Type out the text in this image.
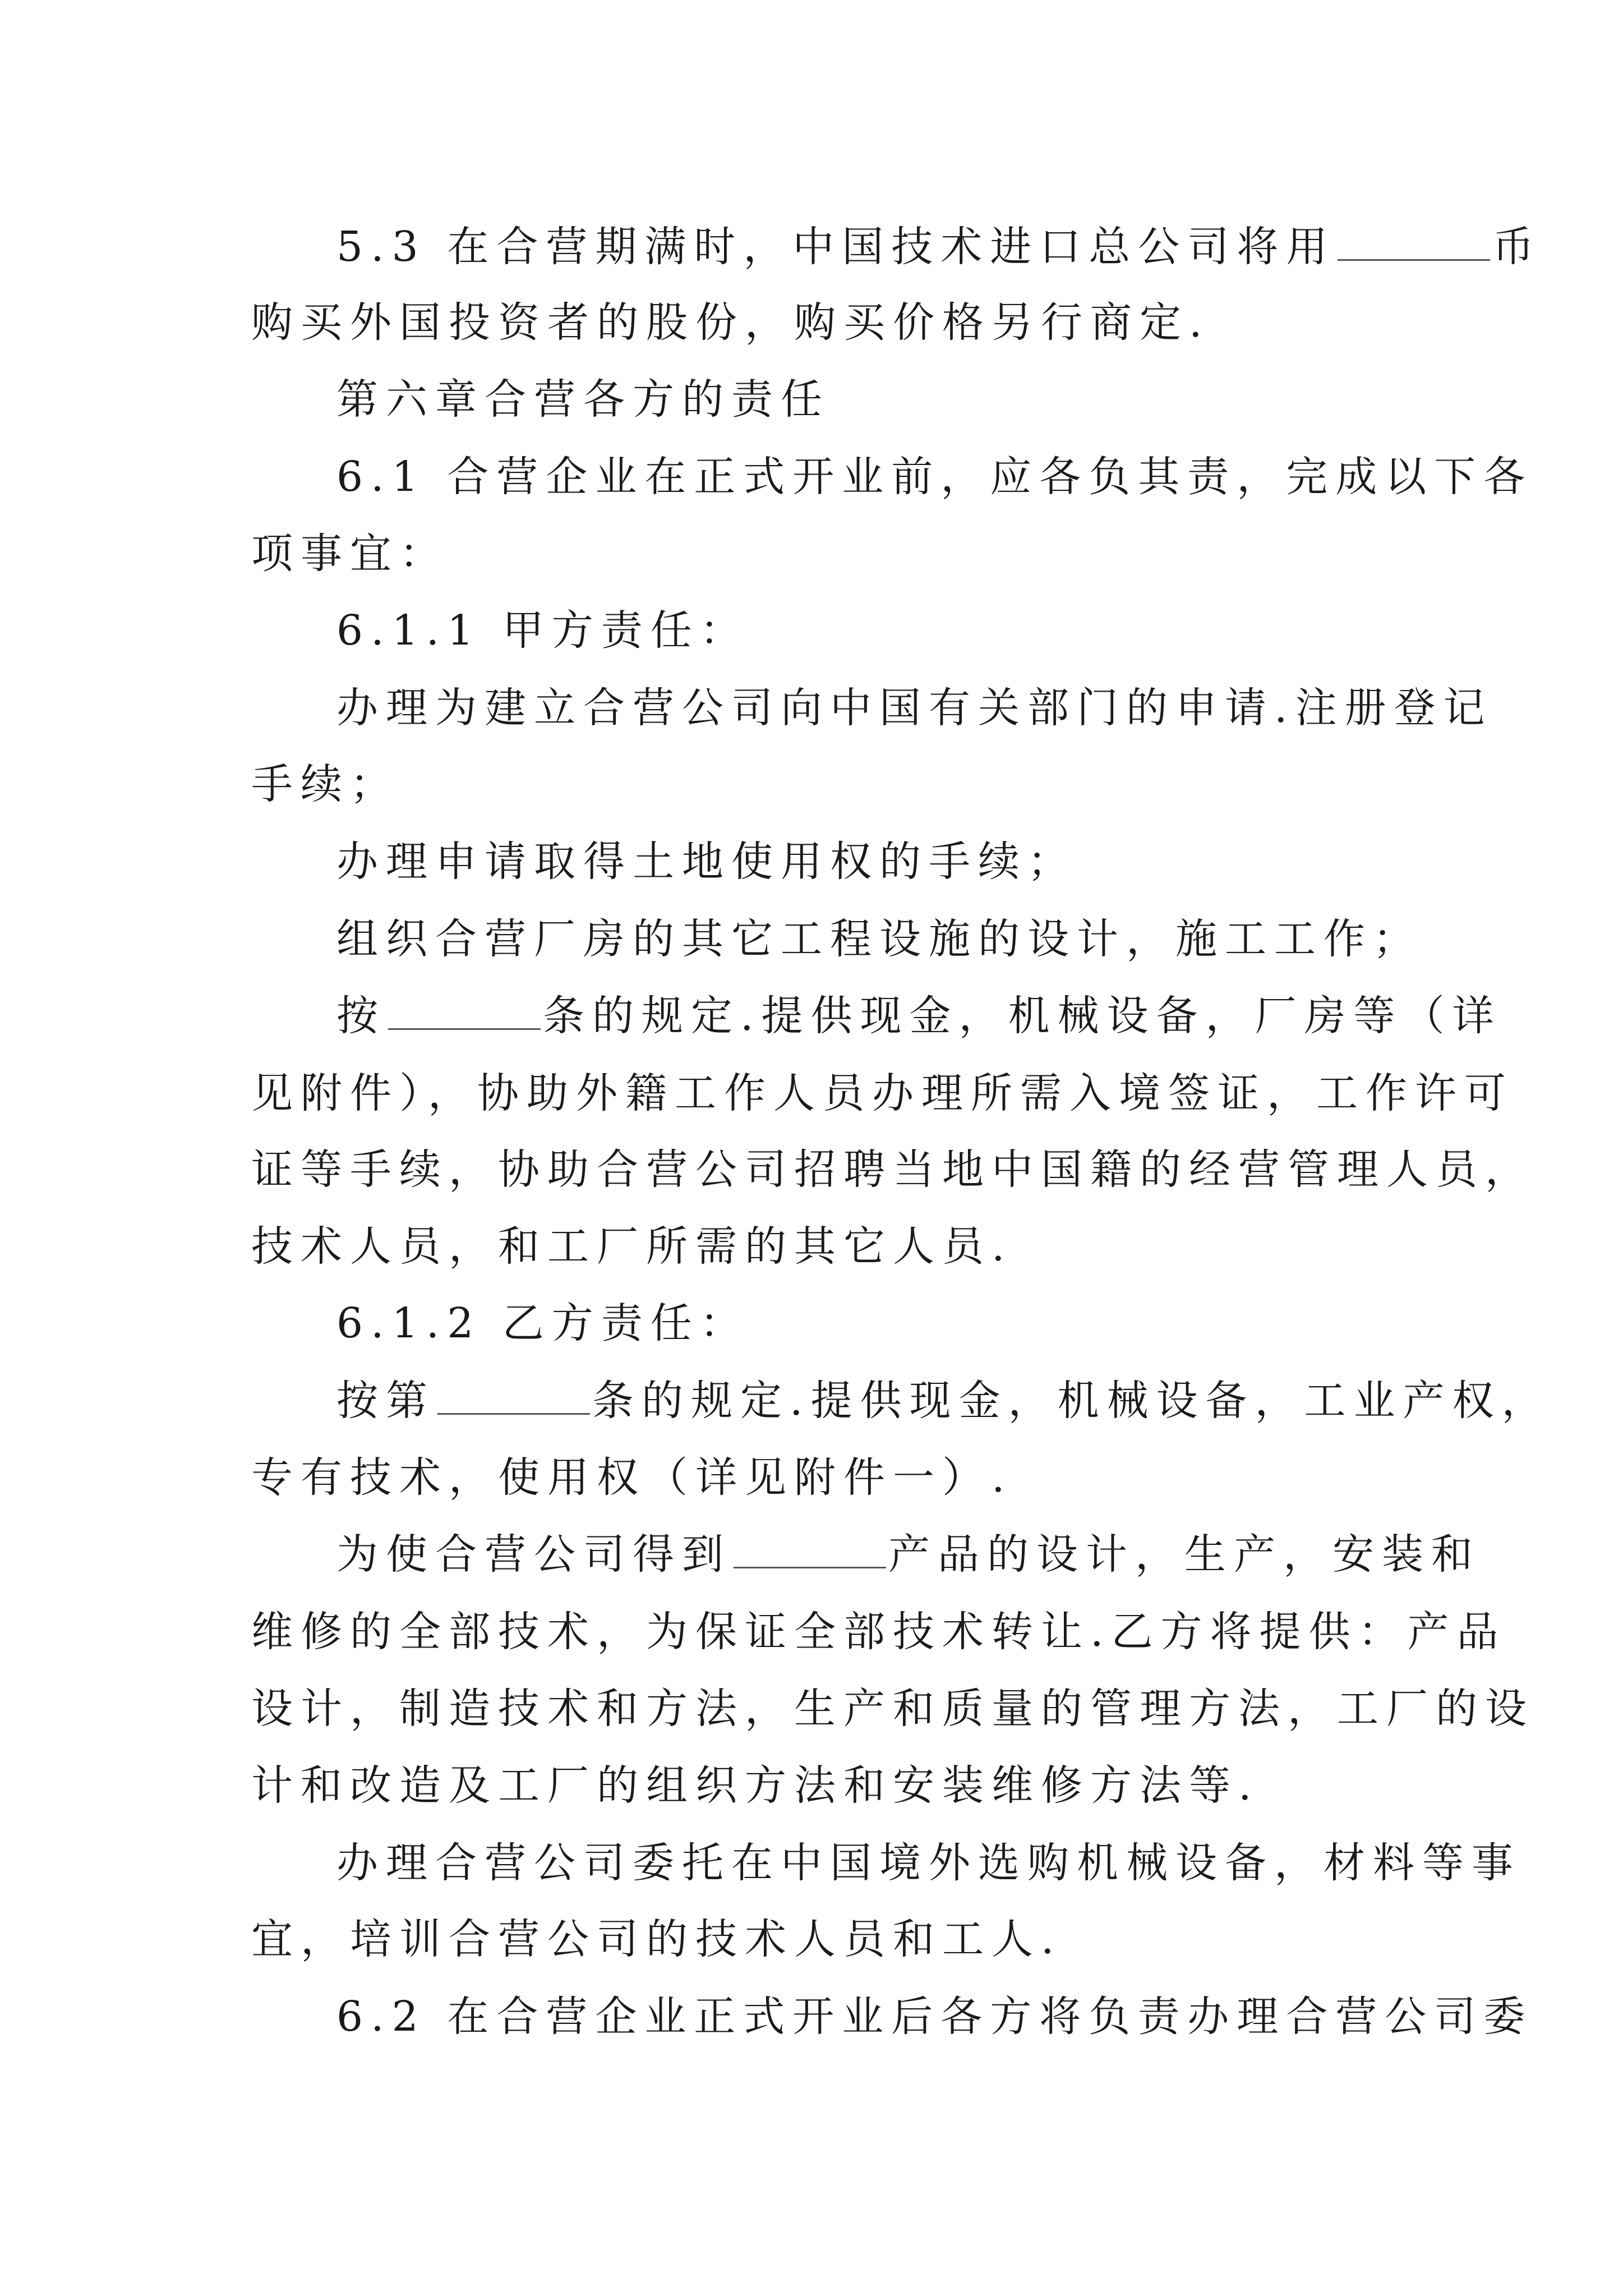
5.3 在合营期满时，中国技术进口总公司将用	币
购买外国投资者的股份，购买价格另行商定.
第六章合营各方的责任
6.1 合营企业在正式开业前，应各负其责，完成以下各
项事宜：
6.1.1 甲方责任：
办理为建立合营公司向中国有关部门的申请.注册登记
手续；
办理申请取得土地使用权的手续；
组织合营厂房的其它工程设施的设计，施工工作；
按	条的规定.提供现金，机械设备，厂房等（详
见附件），协助外籍工作人员办理所需入境签证，工作许可
证等手续，协助合营公司招聘当地中国籍的经营管理人员，
技术人员，和工厂所需的其它人员.
6.1.2 乙方责任：
按第	条的规定.提供现金，机械设备，工业产权，
专有技术，使用权（详见附件一）.
为使合营公司得到	产品的设计，生产，安装和
维修的全部技术，为保证全部技术转让.乙方将提供：产品
设计，制造技术和方法，生产和质量的管理方法，工厂的设
计和改造及工厂的组织方法和安装维修方法等.
办理合营公司委托在中国境外选购机械设备，材料等事
宜，培训合营公司的技术人员和工人.
6.2 在合营企业正式开业后各方将负责办理合营公司委
